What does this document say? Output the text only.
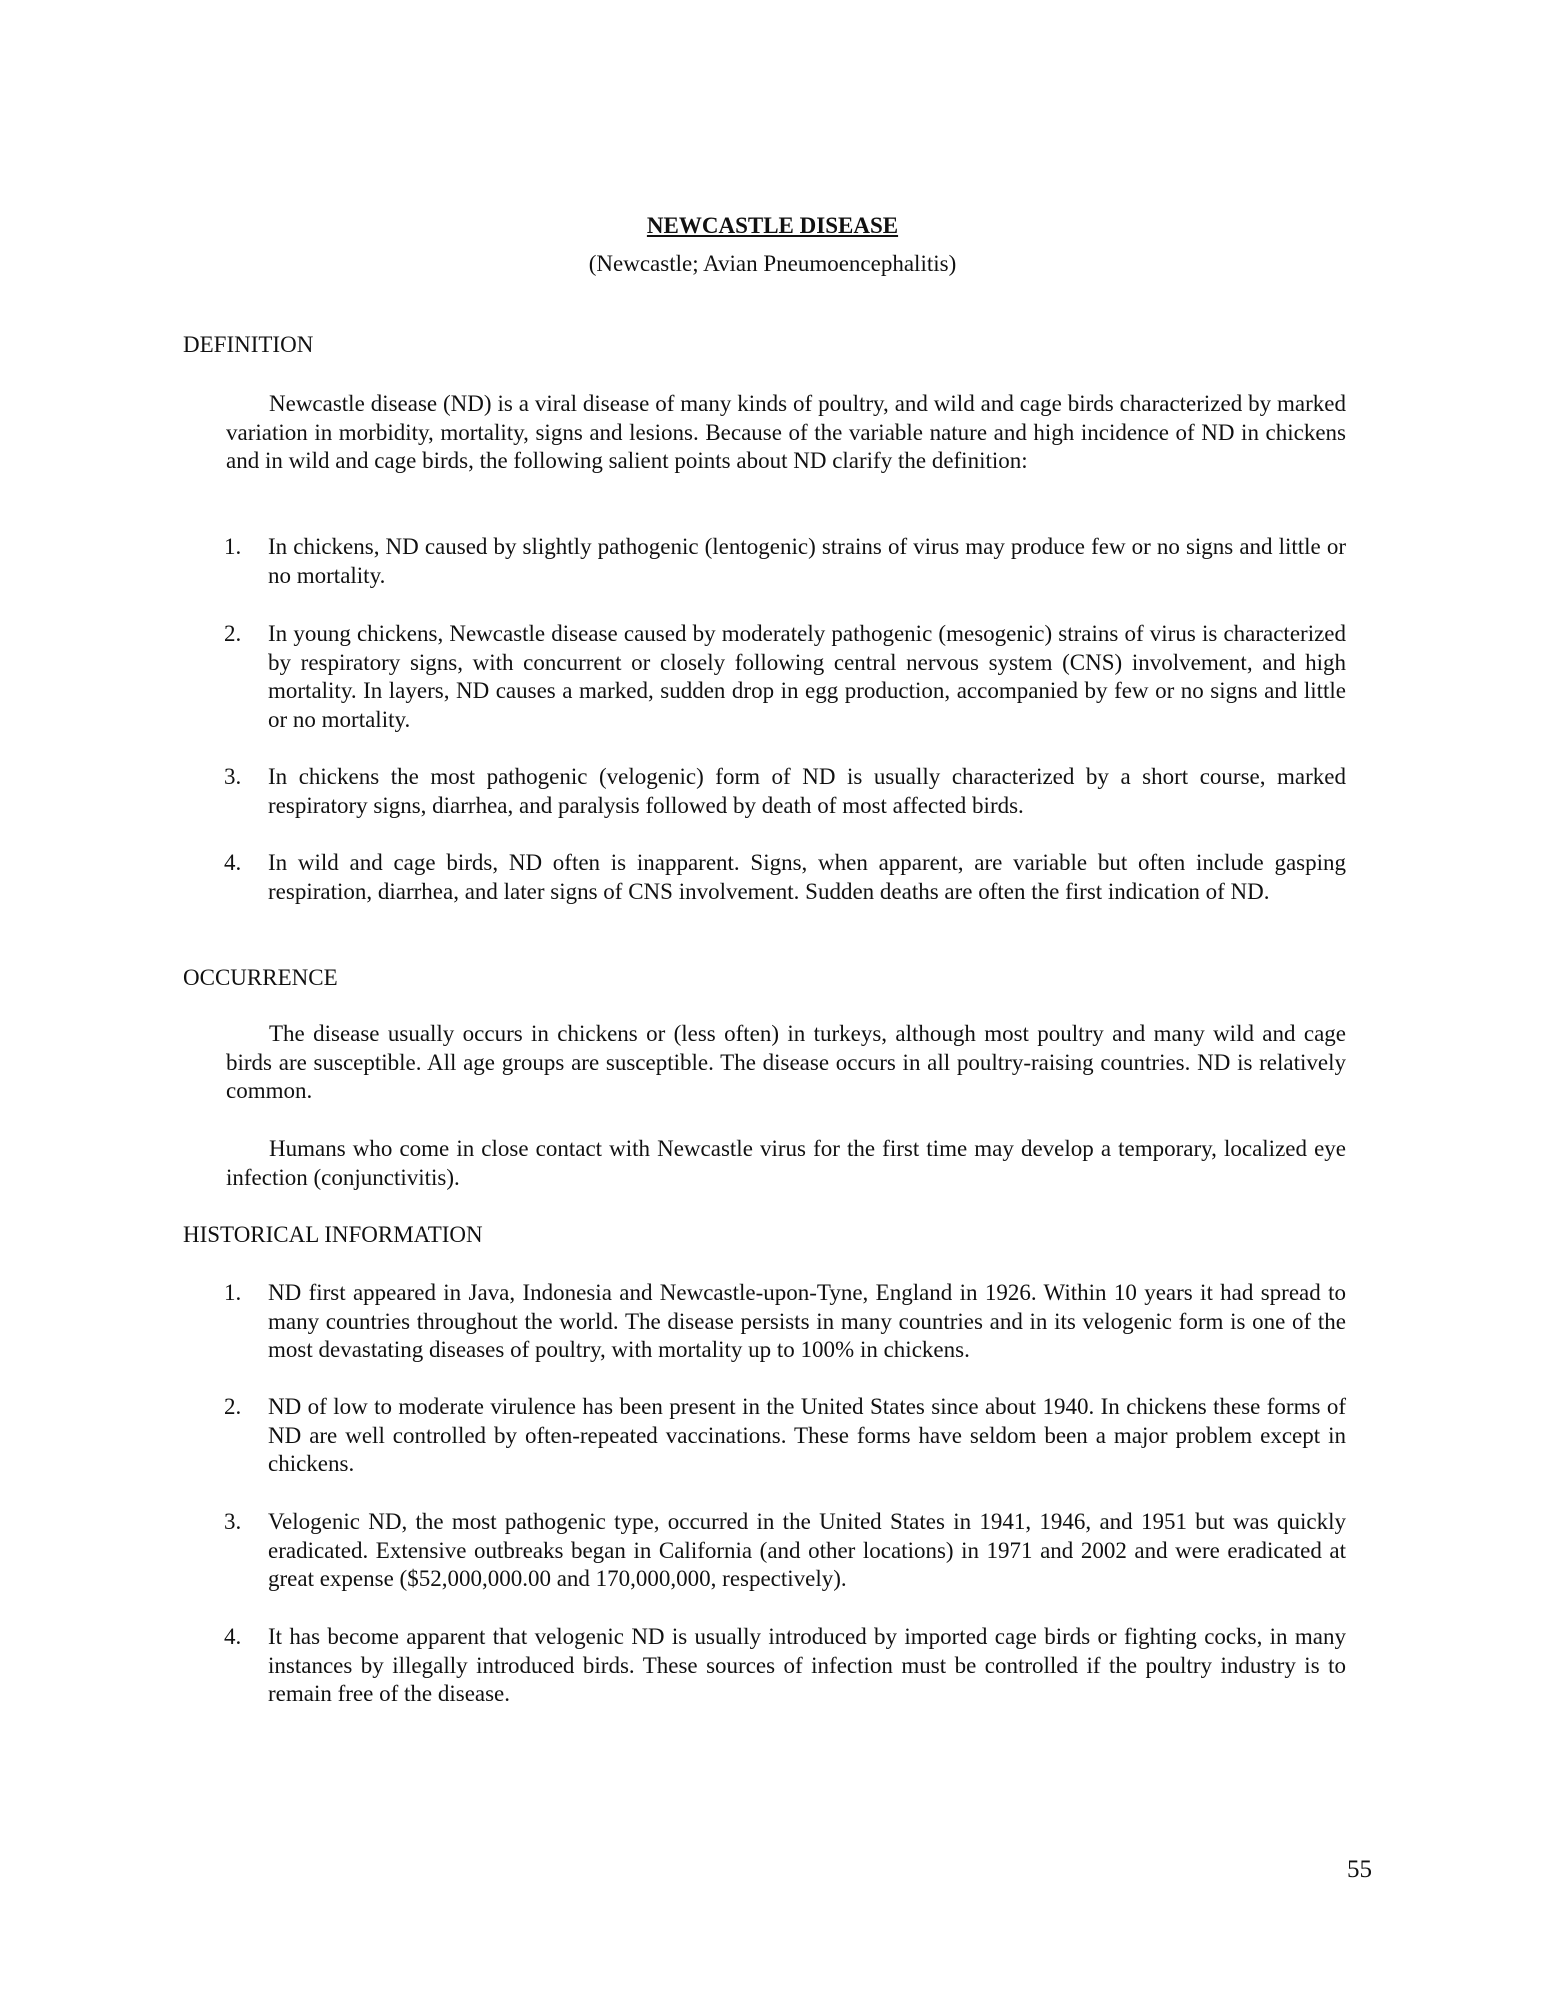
NEWCASTLE DISEASE
(Newcastle; Avian Pneumoencephalitis)
DEFINITION
Newcastle disease (ND) is a viral disease of many kinds of poultry, and wild and cage birds characterized by marked variation in morbidity, mortality, signs and lesions. Because of the variable nature and high incidence of ND in chickens and in wild and cage birds, the following salient points about ND clarify the definition:
1. In chickens, ND caused by slightly pathogenic (lentogenic) strains of virus may produce few or no signs and little or no mortality.
2. In young chickens, Newcastle disease caused by moderately pathogenic (mesogenic) strains of virus is characterized by respiratory signs, with concurrent or closely following central nervous system (CNS) involvement, and high mortality. In layers, ND causes a marked, sudden drop in egg production, accompanied by few or no signs and little or no mortality.
3. In chickens the most pathogenic (velogenic) form of ND is usually characterized by a short course, marked respiratory signs, diarrhea, and paralysis followed by death of most affected birds.
4. In wild and cage birds, ND often is inapparent. Signs, when apparent, are variable but often include gasping respiration, diarrhea, and later signs of CNS involvement. Sudden deaths are often the first indication of ND.
OCCURRENCE
The disease usually occurs in chickens or (less often) in turkeys, although most poultry and many wild and cage birds are susceptible. All age groups are susceptible. The disease occurs in all poultry-raising countries. ND is relatively common.
Humans who come in close contact with Newcastle virus for the first time may develop a temporary, localized eye infection (conjunctivitis).
HISTORICAL INFORMATION
1. ND first appeared in Java, Indonesia and Newcastle-upon-Tyne, England in 1926. Within 10 years it had spread to many countries throughout the world. The disease persists in many countries and in its velogenic form is one of the most devastating diseases of poultry, with mortality up to 100% in chickens.
2. ND of low to moderate virulence has been present in the United States since about 1940. In chickens these forms of ND are well controlled by often-repeated vaccinations. These forms have seldom been a major problem except in chickens.
3. Velogenic ND, the most pathogenic type, occurred in the United States in 1941, 1946, and 1951 but was quickly eradicated. Extensive outbreaks began in California (and other locations) in 1971 and 2002 and were eradicated at great expense ($52,000,000.00 and 170,000,000, respectively).
4. It has become apparent that velogenic ND is usually introduced by imported cage birds or fighting cocks, in many instances by illegally introduced birds. These sources of infection must be controlled if the poultry industry is to remain free of the disease.
55
